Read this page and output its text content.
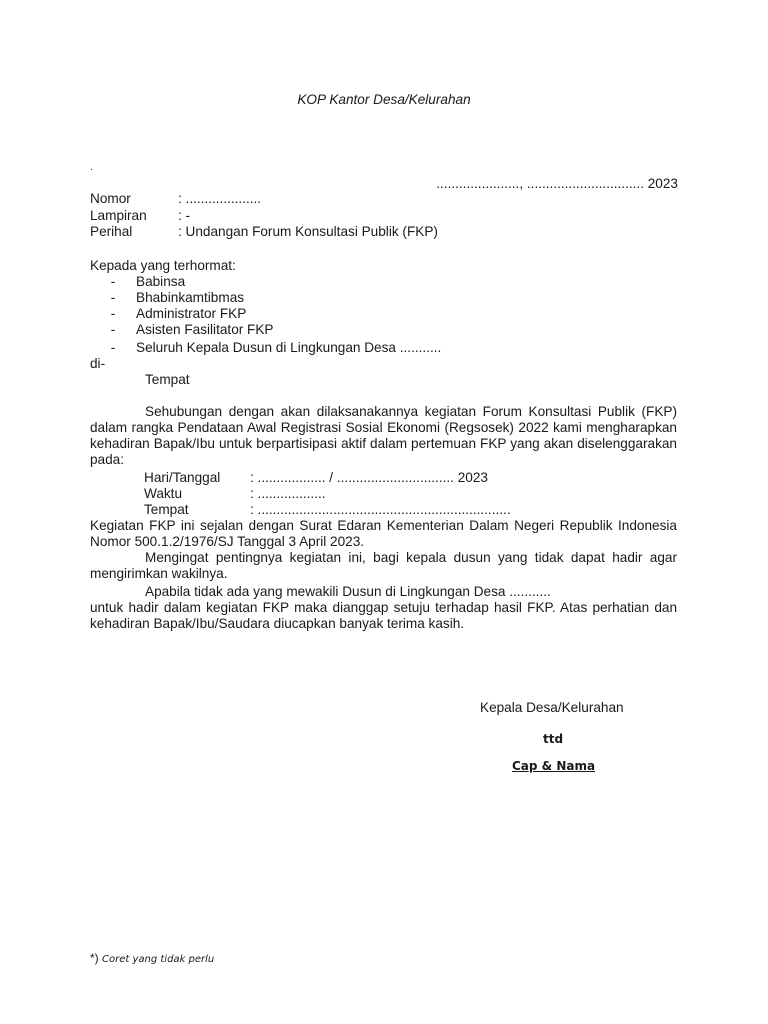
KOP Kantor Desa/Kelurahan
.
......................, ............................... 2023
Nomor	: ....................
Lampiran : -
Perihal	: Undangan Forum Konsultasi Publik (FKP)
Kepada yang terhormat:
- Babinsa
- Bhabinkamtibmas
- Administrator FKP
- Asisten Fasilitator FKP
- Seluruh Kepala Dusun di Lingkungan Desa ...........
di-
Tempat
Sehubungan dengan akan dilaksanakannya kegiatan Forum Konsultasi Publik (FKP) dalam rangka Pendataan Awal Registrasi Sosial Ekonomi (Regsosek) 2022 kami mengharapkan kehadiran Bapak/Ibu untuk berpartisipasi aktif dalam pertemuan FKP yang akan diselenggarakan pada:
Hari/Tanggal : .................. / ............................... 2023
Waktu	: ..................
Tempat	: ...................................................................
Kegiatan FKP ini sejalan dengan Surat Edaran Kementerian Dalam Negeri Republik Indonesia Nomor 500.1.2/1976/SJ Tanggal 3 April 2023.
Mengingat pentingnya kegiatan ini, bagi kepala dusun yang tidak dapat hadir agar mengirimkan wakilnya.
Apabila tidak ada yang mewakili Dusun di Lingkungan Desa ...........
untuk hadir dalam kegiatan FKP maka dianggap setuju terhadap hasil FKP. Atas perhatian dan kehadiran Bapak/Ibu/Saudara diucapkan banyak terima kasih.
Kepala Desa/Kelurahan
ttd
Cap & Nama
*) Coret yang tidak perlu
